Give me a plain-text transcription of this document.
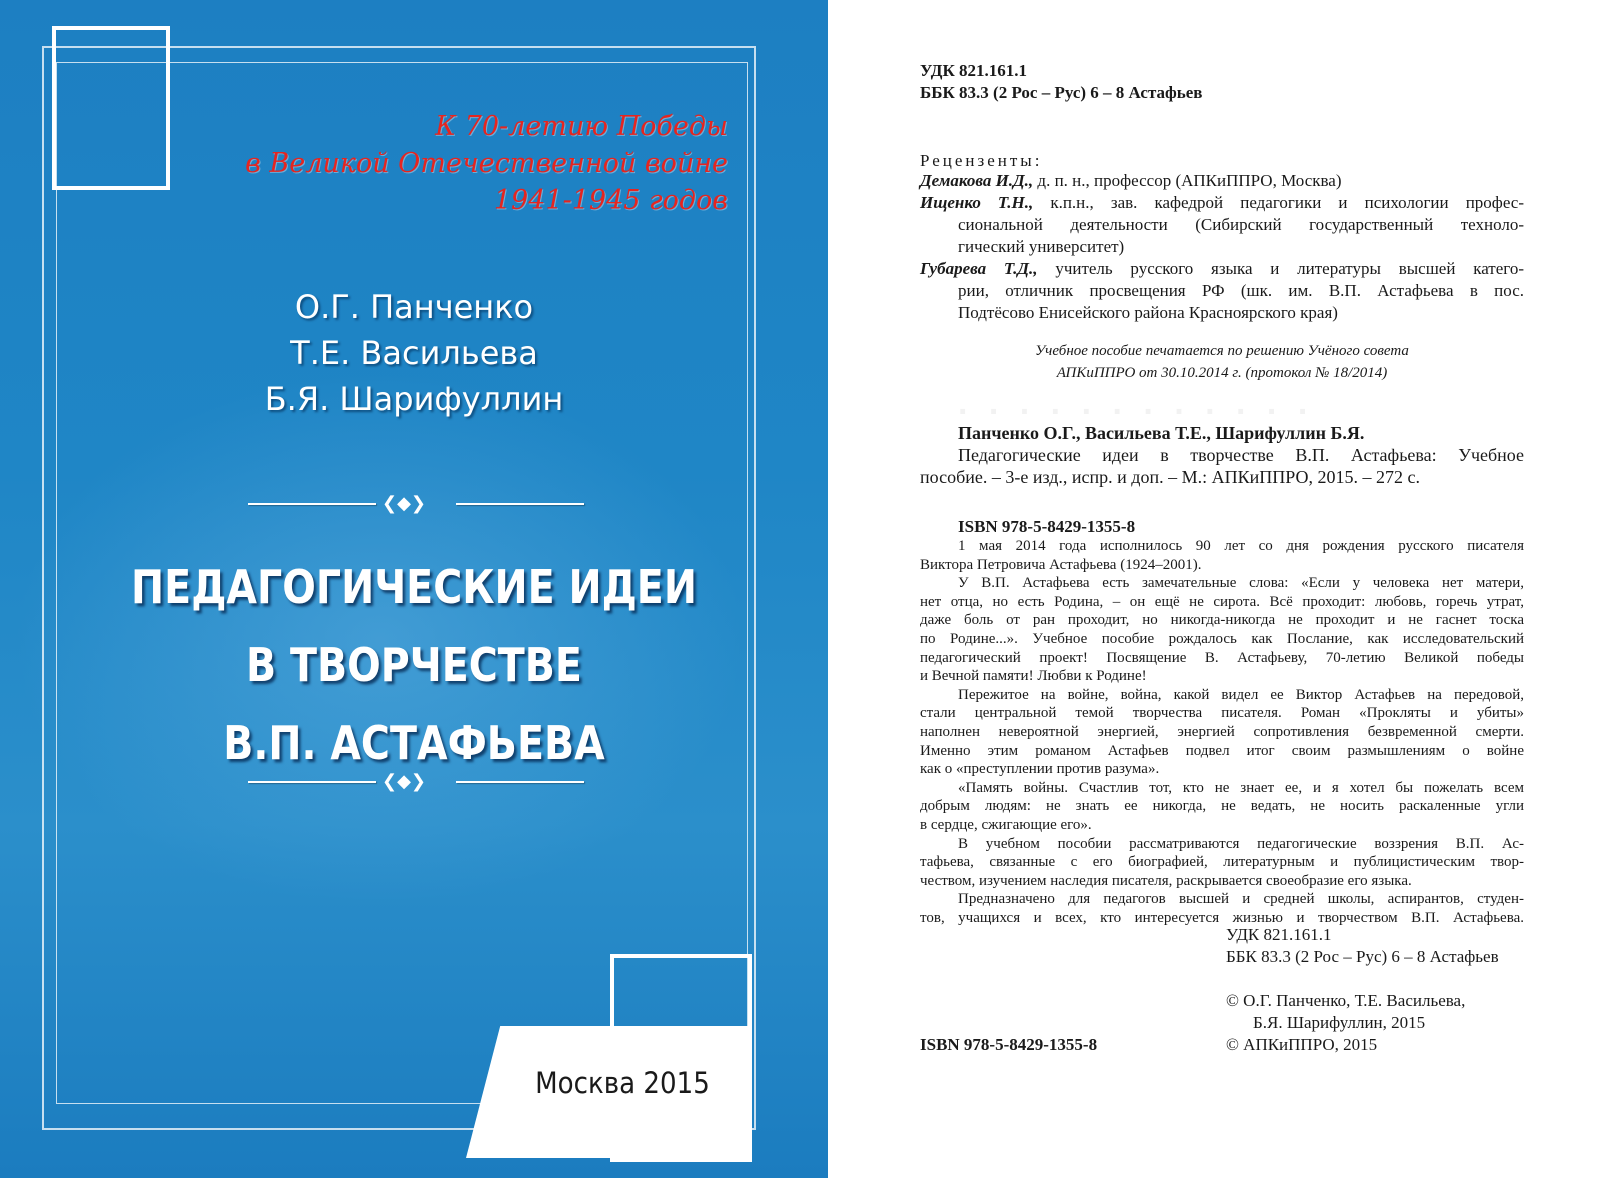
К 70-летию Победы
в Великой Отечественной войне
1941-1945 годов
О.Г. Панченко
Т.Е. Васильева
Б.Я. Шарифуллин
❮◆❯
ПЕДАГОГИЧЕСКИЕ ИДЕИ
В ТВОРЧЕСТВЕ
В.П. АСТАФЬЕВА
❮◆❯
Москва 2015
. . . . . . . . . . . .
УДК 821.161.1
ББК 83.3 (2 Рос – Рус) 6 – 8 Астафьев
Рецензенты:
Демакова И.Д., д. п. н., профессор (АПКиППРО, Москва)
Ищенко Т.Н., к.п.н., зав. кафедрой педагогики и психологии профес-
сиональной деятельности (Сибирский государственный техноло-
гический университет)
Губарева Т.Д., учитель русского языка и литературы высшей катего-
рии, отличник просвещения РФ (шк. им. В.П. Астафьева в пос.
Подтёсово Енисейского района Красноярского края)
Учебное пособие печатается по решению Учёного совета
АПКиППРО от 30.10.2014 г. (протокол № 18/2014)
Панченко О.Г., Васильева Т.Е., Шарифуллин Б.Я.
Педагогические идеи в творчестве В.П. Астафьева: Учебное
пособие. – 3-е изд., испр. и доп. – М.: АПКиППРО, 2015. – 272 с.
ISBN 978-5-8429-1355-8
1 мая 2014 года исполнилось 90 лет со дня рождения русского писателя
Виктора Петровича Астафьева (1924–2001).
У В.П. Астафьева есть замечательные слова: «Если у человека нет матери,
нет отца, но есть Родина, – он ещё не сирота. Всё проходит: любовь, горечь утрат,
даже боль от ран проходит, но никогда-никогда не проходит и не гаснет тоска
по Родине...». Учебное пособие рождалось как Послание, как исследовательский
педагогический проект! Посвящение В. Астафьеву, 70-летию Великой победы
и Вечной памяти! Любви к Родине!
Пережитое на войне, война, какой видел ее Виктор Астафьев на передовой,
стали центральной темой творчества писателя. Роман «Прокляты и убиты»
наполнен невероятной энергией, энергией сопротивления безвременной смерти.
Именно этим романом Астафьев подвел итог своим размышлениям о войне
как о «преступлении против разума».
«Память войны. Счастлив тот, кто не знает ее, и я хотел бы пожелать всем
добрым людям: не знать ее никогда, не ведать, не носить раскаленные угли
в сердце, сжигающие его».
В учебном пособии рассматриваются педагогические воззрения В.П. Ас-
тафьева, связанные с его биографией, литературным и публицистическим твор-
чеством, изучением наследия писателя, раскрывается своеобразие его языка.
Предназначено для педагогов высшей и средней школы, аспирантов, студен-
тов, учащихся и всех, кто интересуется жизнью и творчеством В.П. Астафьева.
УДК 821.161.1
ББК 83.3 (2 Рос – Рус) 6 – 8 Астафьев
© О.Г. Панченко, Т.Е. Васильева,
Б.Я. Шарифуллин, 2015
ISBN 978-5-8429-1355-8	© АПКиППРО, 2015
